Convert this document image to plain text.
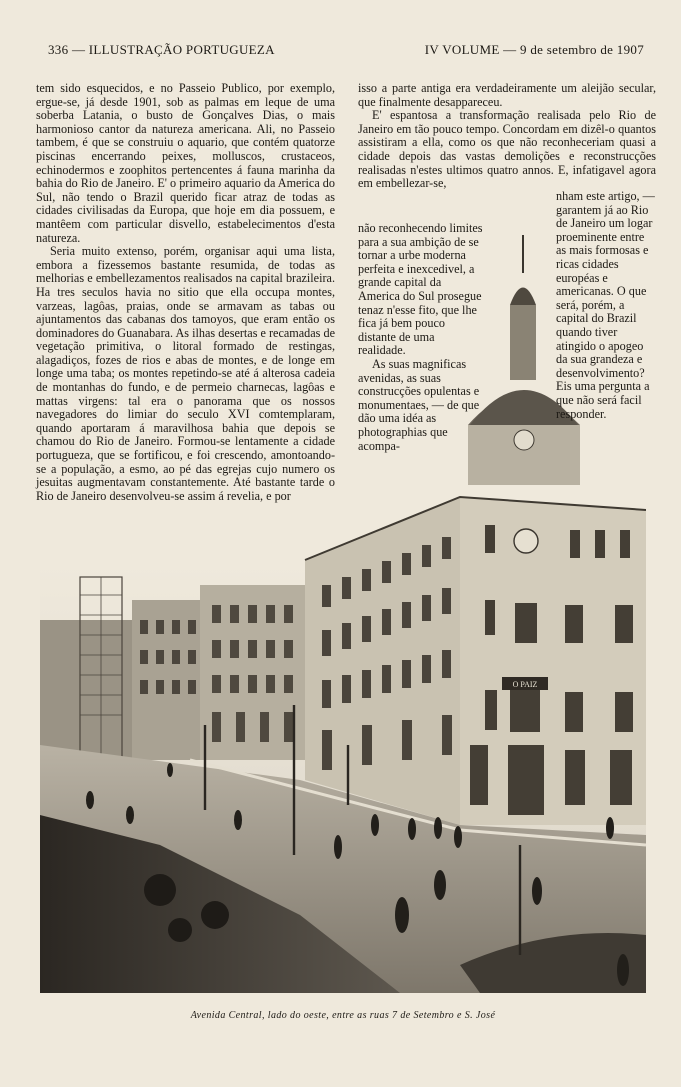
336 — ILLUSTRAÇÃO PORTUGUEZA	IV VOLUME — 9 de setembro de 1907
O PAIZ

tem sido esquecidos, e no Passeio Publico, por exemplo, ergue-se, já desde 1901, sob as palmas em leque de uma soberba Latania, o busto de Gonçalves Dias, o mais harmonioso cantor da natureza americana. Ali, no Passeio tambem, é que se construiu o aquario, que contém quatorze piscinas encerrando peixes, molluscos, crustaceos, echinodermos e zoophitos pertencentes á fauna marinha da bahia do Rio de Janeiro. E' o primeiro aquario da America do Sul, não tendo o Brazil querido ficar atraz de todas as cidades civilisadas da Europa, que hoje em dia possuem, e mantêem com particular disvello, estabelecimentos d'esta natureza.

Seria muito extenso, porém, organisar aqui uma lista, embora a fizessemos bastante resumida, de todas as melhorias e embellezamentos realisados na capital brazileira. Ha tres seculos havia no sitio que ella occupa montes, varzeas, lagôas, praias, onde se armavam as tabas ou ajuntamentos das cabanas dos tamoyos, que eram então os dominadores do Guanabara. As ilhas desertas e recamadas de vegetação primitiva, o litoral formado de restingas, alagadiços, fozes de rios e abas de montes, e de longe em longe uma taba; os montes repetindo-se até á alterosa cadeia de montanhas do fundo, e de permeio charnecas, lagôas e mattas virgens: tal era o panorama que os nossos navegadores do limiar do seculo XVI comtemplaram, quando aportaram á maravilhosa bahia que depois se chamou do Rio de Janeiro. Formou-se lentamente a cidade portugueza, que se fortificou, e foi crescendo, amontoando-se a população, a esmo, ao pé das egrejas cujo numero os jesuitas augmentavam constantemente. Até bastante tarde o Rio de Janeiro desenvolveu-se assim á revelia, e por

isso a parte antiga era verdadeiramente um aleijão secular, que finalmente desappareceu.

E' espantosa a transformação realisada pelo Rio de Janeiro em tão pouco tempo. Concordam em dizêl-o quantos assistiram a ella, como os que não reconheceriam quasi a cidade depois das vastas demolições e reconstrucções realisadas n'estes ultimos quatro annos. E, infatigavel agora em embellezar-se,

não reconhecendo limites para a sua ambição de se tornar a urbe moderna perfeita e inexcedivel, a grande capital da America do Sul prosegue tenaz n'esse fito, que lhe fica já bem pouco distante de uma realidade.

As suas magnificas avenidas, as suas construcções opulentas e monumentaes, — de que dão uma idéa as photographias que acompa-

nham este artigo, —garantem já ao Rio de Janeiro um logar proeminente entre as mais formosas e ricas cidades européas e americanas. O que será, porém, a capital do Brazil quando tiver atingido o apogeo da sua grandeza e desenvolvimento? Eis uma pergunta a que não será facil responder.

Avenida Central, lado do oeste, entre as ruas 7 de Setembro e S. José
